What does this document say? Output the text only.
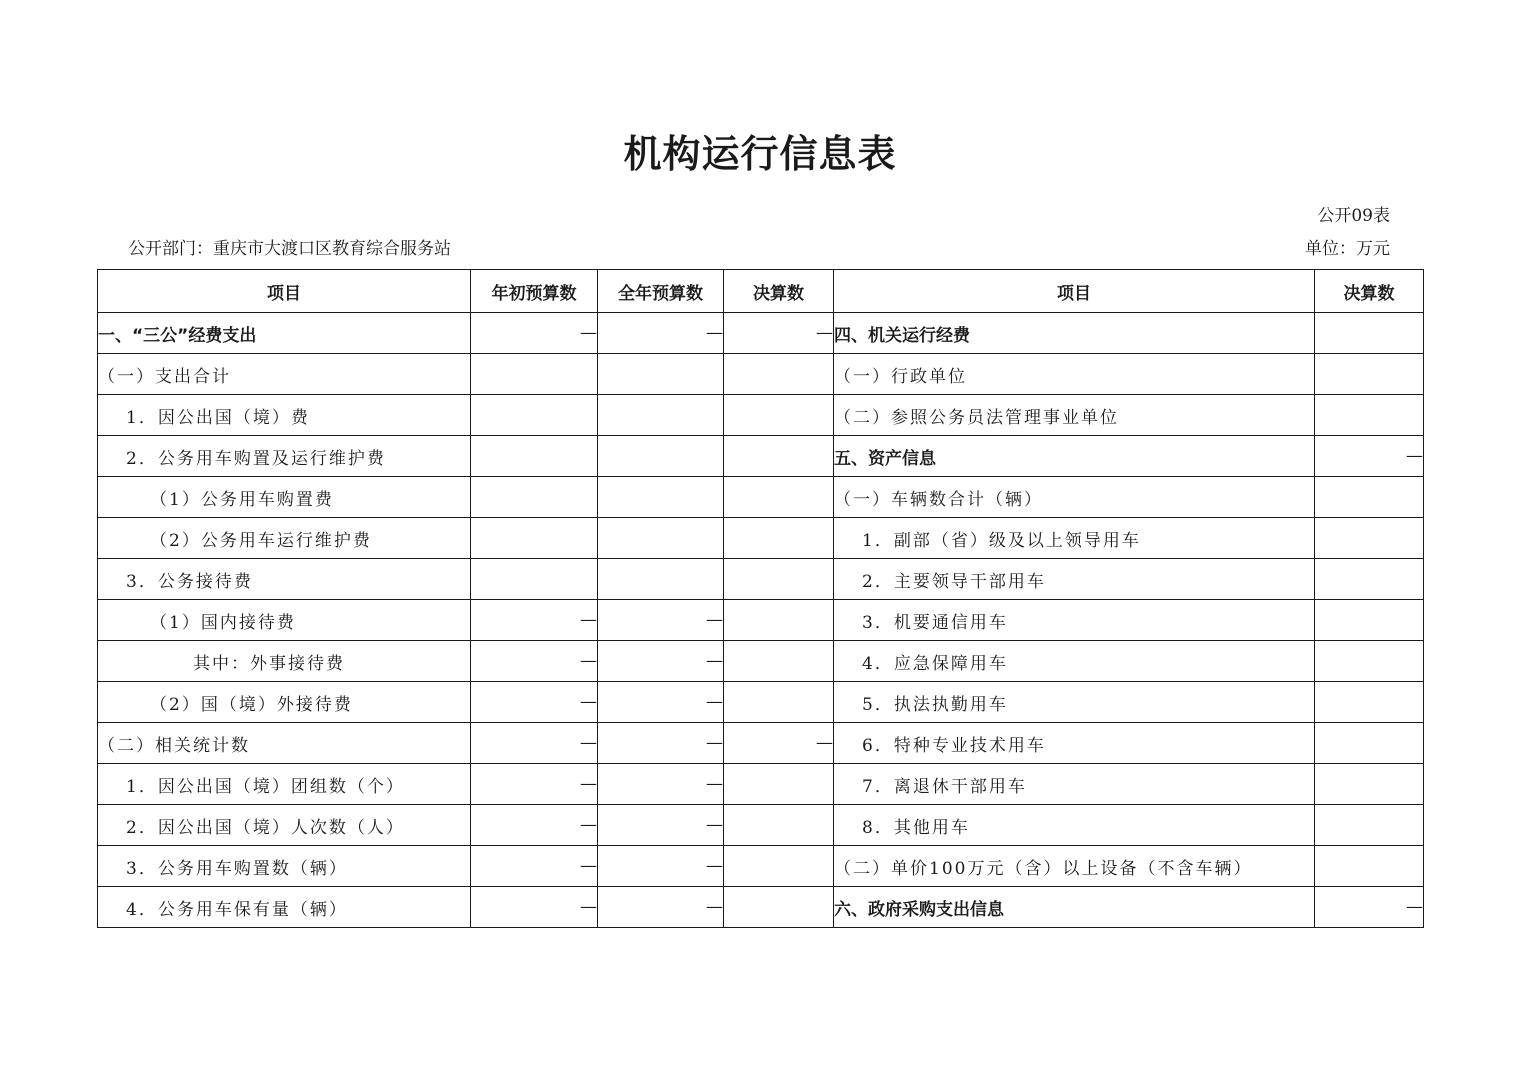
机构运行信息表
公开09表
公开部门：重庆市大渡口区教育综合服务站	单位：万元
项目	年初预算数	全年预算数	决算数	项目	决算数
一、“三公”经费支出	—	—	—	四、机关运行经费	
（一）支出合计				（一）行政单位	
1．因公出国（境）费				（二）参照公务员法管理事业单位	
2．公务用车购置及运行维护费				五、资产信息	—
（1）公务用车购置费				（一）车辆数合计（辆）	
（2）公务用车运行维护费				1．副部（省）级及以上领导用车	
3．公务接待费				2．主要领导干部用车	
（1）国内接待费	—	—		3．机要通信用车	
其中：外事接待费	—	—		4．应急保障用车	
（2）国（境）外接待费	—	—		5．执法执勤用车	
（二）相关统计数	—	—	—	6．特种专业技术用车	
1．因公出国（境）团组数（个）	—	—		7．离退休干部用车	
2．因公出国（境）人次数（人）	—	—		8．其他用车	
3．公务用车购置数（辆）	—	—		（二）单价100万元（含）以上设备（不含车辆）	
4．公务用车保有量（辆）	—	—		六、政府采购支出信息	—
